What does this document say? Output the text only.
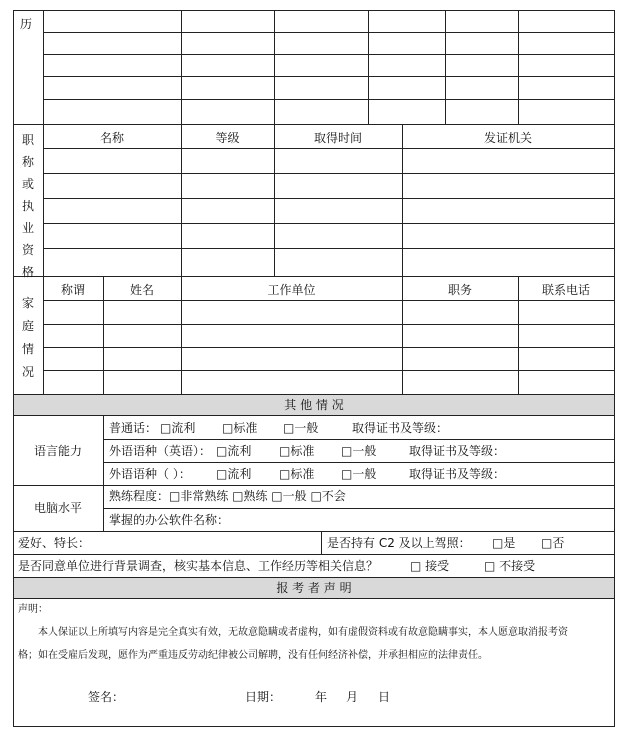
历
职
称
或
执
业
资
格
名称	等级	取得时间	发证机关
家
庭
情
况
称谓	姓名	工作单位	职务	联系电话
其 他 情 况
语言能力
普通话： □流利 □标准 □一般	取得证书及等级：
外语语种（英语）： □流利 □标准 □一般	取得证书及等级：
外语语种（ ）： □流利 □标准 □一般	取得证书及等级：
电脑水平
熟练程度：□非常熟练 □熟练 □一般 □不会
掌握的办公软件名称：
爱好、特长：	是否持有 C2 及以上驾照： □是 □否
是否同意单位进行背景调查，核实基本信息、工作经历等相关信息？	□ 接受	□ 不接受
报 考 者 声 明
声明：
本人保证以上所填写内容是完全真实有效，无故意隐瞒或者虚构，如有虚假资料或有故意隐瞒事实，本人愿意取消报考资
格；如在受雇后发现，愿作为严重违反劳动纪律被公司解聘，没有任何经济补偿，并承担相应的法律责任。
签名：	日期：	年 月 日
